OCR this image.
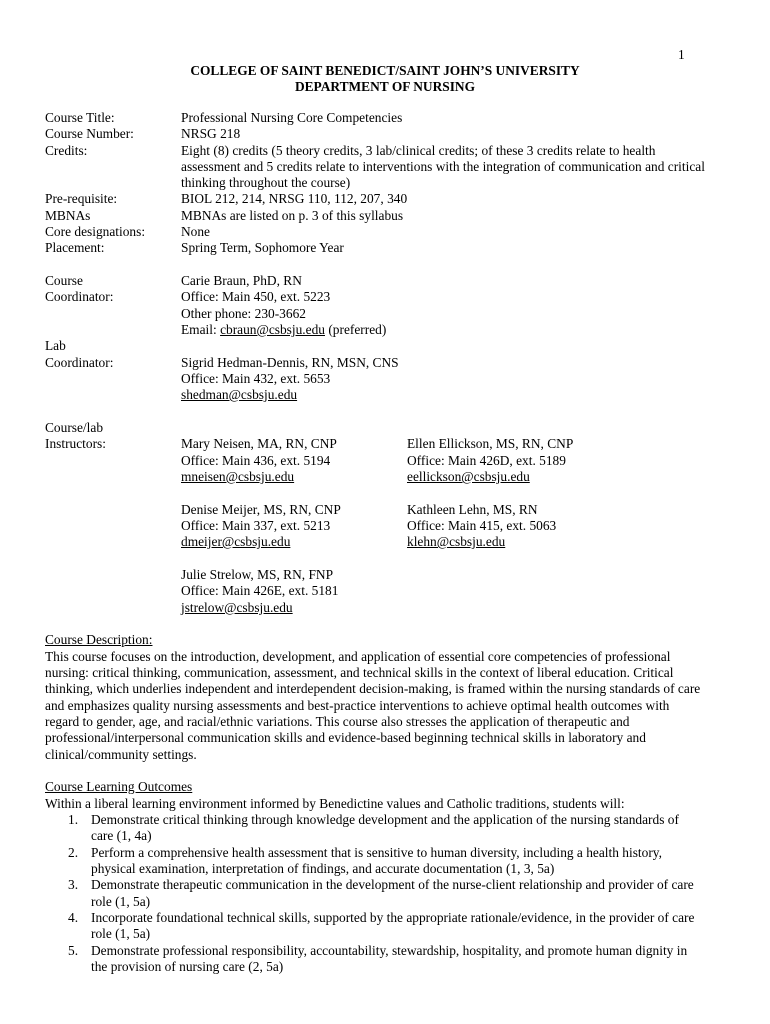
1
COLLEGE OF SAINT BENEDICT/SAINT JOHN’S UNIVERSITY
DEPARTMENT OF NURSING
Course Title:	Professional Nursing Core Competencies
Course Number:	NRSG 218
Credits:	Eight (8) credits (5 theory credits, 3 lab/clinical credits; of these 3 credits relate to health
assessment and 5 credits relate to interventions with the integration of communication and critical
thinking throughout the course)
Pre-requisite:	BIOL 212, 214, NRSG 110, 112, 207, 340
MBNAs	MBNAs are listed on p. 3 of this syllabus
Core designations:	None
Placement:	Spring Term, Sophomore Year
Course
Coordinator:
Carie Braun, PhD, RN
Office: Main 450, ext. 5223
Other phone: 230-3662
Email: cbraun@csbsju.edu (preferred)
Lab
Coordinator:	Sigrid Hedman-Dennis, RN, MSN, CNS
Office: Main 432, ext. 5653
shedman@csbsju.edu
Course/lab
Instructors:	Mary Neisen, MA, RN, CNP
Office: Main 436, ext. 5194
mneisen@csbsju.edu
Ellen Ellickson, MS, RN, CNP
Office: Main 426D, ext. 5189
eellickson@csbsju.edu
Denise Meijer, MS, RN, CNP
Office: Main 337, ext. 5213
dmeijer@csbsju.edu
Kathleen Lehn, MS, RN
Office: Main 415, ext. 5063
klehn@csbsju.edu
Julie Strelow, MS, RN, FNP
Office: Main 426E, ext. 5181
jstrelow@csbsju.edu
Course Description:
This course focuses on the introduction, development, and application of essential core competencies of professional
nursing: critical thinking, communication, assessment, and technical skills in the context of liberal education. Critical
thinking, which underlies independent and interdependent decision-making, is framed within the nursing standards of care
and emphasizes quality nursing assessments and best-practice interventions to achieve optimal health outcomes with
regard to gender, age, and racial/ethnic variations. This course also stresses the application of therapeutic and
professional/interpersonal communication skills and evidence-based beginning technical skills in laboratory and
clinical/community settings.
Course Learning Outcomes
Within a liberal learning environment informed by Benedictine values and Catholic traditions, students will:
1. Demonstrate critical thinking through knowledge development and the application of the nursing standards of
care (1, 4a)
2. Perform a comprehensive health assessment that is sensitive to human diversity, including a health history,
physical examination, interpretation of findings, and accurate documentation (1, 3, 5a)
3. Demonstrate therapeutic communication in the development of the nurse-client relationship and provider of care
role (1, 5a)
4. Incorporate foundational technical skills, supported by the appropriate rationale/evidence, in the provider of care
role (1, 5a)
5. Demonstrate professional responsibility, accountability, stewardship, hospitality, and promote human dignity in
the provision of nursing care (2, 5a)
